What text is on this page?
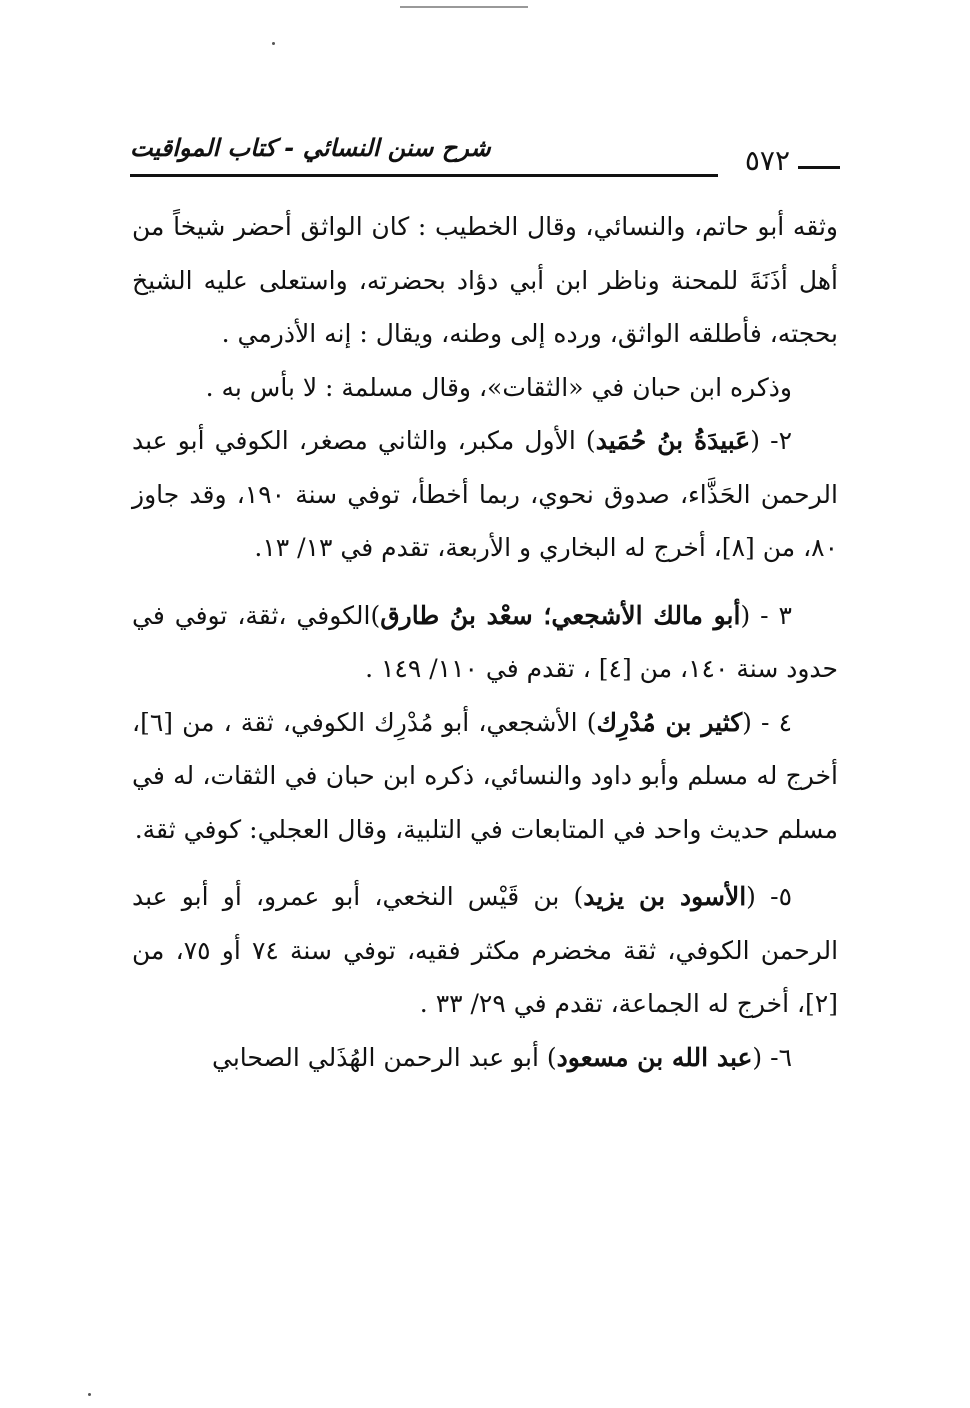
شرح سنن النسائي - كتاب المواقيت	٥٧٢

وثقه أبو حاتم، والنسائي، وقال الخطيب : كان الواثق أحضر شيخاً من أهل أذَنَةَ للمحنة وناظر ابن أبي دؤاد بحضرته، واستعلى عليه الشيخ بحجته، فأطلقه الواثق، ورده إلى وطنه، ويقال : إنه الأذرمي .

وذكره ابن حبان في «الثقات»، وقال مسلمة : لا بأس به .

٢- (عَبيدَةُ بنُ حُمَيد) الأول مكبر، والثاني مصغر، الكوفي أبو عبد الرحمن الحَذَّاء، صدوق نحوي، ربما أخطأ، توفي سنة ١٩٠، وقد جاوز ٨٠، من [٨]، أخرج له البخاري و الأربعة، تقدم في ١٣/ ١٣.

٣ - (أبو مالك الأشجعي؛ سعْد بنُ طارق)الكوفي ،ثقة، توفي في حدود سنة ١٤٠، من [٤] ، تقدم في ١١٠/ ١٤٩ .

٤ - (كثير بن مُدْرِك) الأشجعي، أبو مُدْرِك الكوفي، ثقة ، من [٦]، أخرج له مسلم وأبو داود والنسائي، ذكره ابن حبان في الثقات، له في مسلم حديث واحد في المتابعات في التلبية، وقال العجلي: كوفي ثقة.

٥- (الأسود بن يزيد) بن قَيْس النخعي، أبو عمرو، أو أبو عبد الرحمن الكوفي، ثقة مخضرم مكثر فقيه، توفي سنة ٧٤ أو ٧٥، من [٢]، أخرج له الجماعة، تقدم في ٢٩/ ٣٣ .

٦- (عبد الله بن مسعود) أبو عبد الرحمن الهُذَلي الصحابي
